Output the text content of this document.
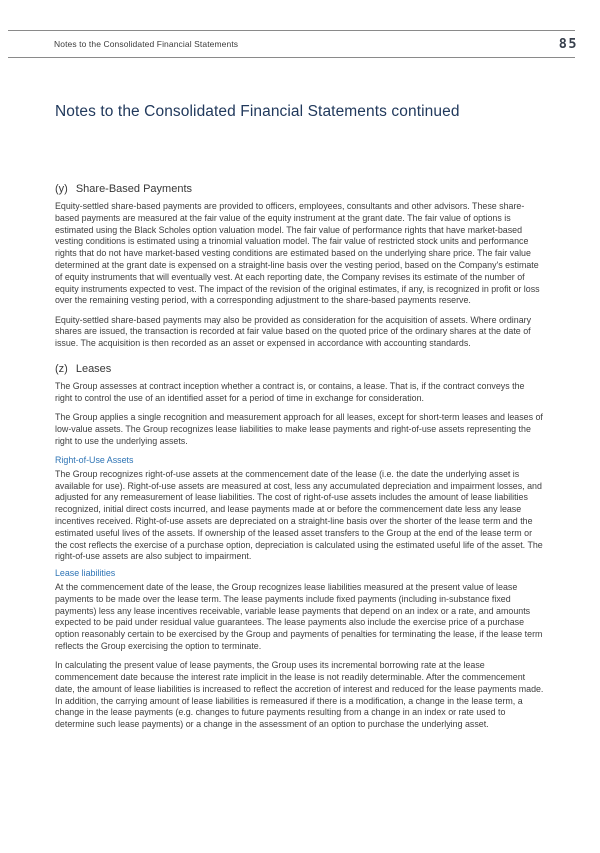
Notes to the Consolidated Financial Statements	85
Notes to the Consolidated Financial Statements continued
(y) Share-Based Payments

Equity-settled share-based payments are provided to officers, employees, consultants and other advisors. These share-based payments are measured at the fair value of the equity instrument at the grant date. The fair value of options is estimated using the Black Scholes option valuation model. The fair value of performance rights that have market-based vesting conditions is estimated using a trinomial valuation model. The fair value of restricted stock units and performance rights that do not have market-based vesting conditions are estimated based on the underlying share price. The fair value determined at the grant date is expensed on a straight-line basis over the vesting period, based on the Company's estimate of equity instruments that will eventually vest. At each reporting date, the Company revises its estimate of the number of equity instruments expected to vest. The impact of the revision of the original estimates, if any, is recognized in profit or loss over the remaining vesting period, with a corresponding adjustment to the share-based payments reserve.

Equity-settled share-based payments may also be provided as consideration for the acquisition of assets. Where ordinary shares are issued, the transaction is recorded at fair value based on the quoted price of the ordinary shares at the date of issue. The acquisition is then recorded as an asset or expensed in accordance with accounting standards.

(z) Leases

The Group assesses at contract inception whether a contract is, or contains, a lease. That is, if the contract conveys the right to control the use of an identified asset for a period of time in exchange for consideration.

The Group applies a single recognition and measurement approach for all leases, except for short-term leases and leases of low-value assets. The Group recognizes lease liabilities to make lease payments and right-of-use assets representing the right to use the underlying assets.

Right-of-Use Assets

The Group recognizes right-of-use assets at the commencement date of the lease (i.e. the date the underlying asset is available for use). Right-of-use assets are measured at cost, less any accumulated depreciation and impairment losses, and adjusted for any remeasurement of lease liabilities. The cost of right-of-use assets includes the amount of lease liabilities recognized, initial direct costs incurred, and lease payments made at or before the commencement date less any lease incentives received. Right-of-use assets are depreciated on a straight-line basis over the shorter of the lease term and the estimated useful lives of the assets. If ownership of the leased asset transfers to the Group at the end of the lease term or the cost reflects the exercise of a purchase option, depreciation is calculated using the estimated useful life of the asset. The right-of-use assets are also subject to impairment.

Lease liabilities

At the commencement date of the lease, the Group recognizes lease liabilities measured at the present value of lease payments to be made over the lease term. The lease payments include fixed payments (including in-substance fixed payments) less any lease incentives receivable, variable lease payments that depend on an index or a rate, and amounts expected to be paid under residual value guarantees. The lease payments also include the exercise price of a purchase option reasonably certain to be exercised by the Group and payments of penalties for terminating the lease, if the lease term reflects the Group exercising the option to terminate.

In calculating the present value of lease payments, the Group uses its incremental borrowing rate at the lease commencement date because the interest rate implicit in the lease is not readily determinable. After the commencement date, the amount of lease liabilities is increased to reflect the accretion of interest and reduced for the lease payments made. In addition, the carrying amount of lease liabilities is remeasured if there is a modification, a change in the lease term, a change in the lease payments (e.g. changes to future payments resulting from a change in an index or rate used to determine such lease payments) or a change in the assessment of an option to purchase the underlying asset.
